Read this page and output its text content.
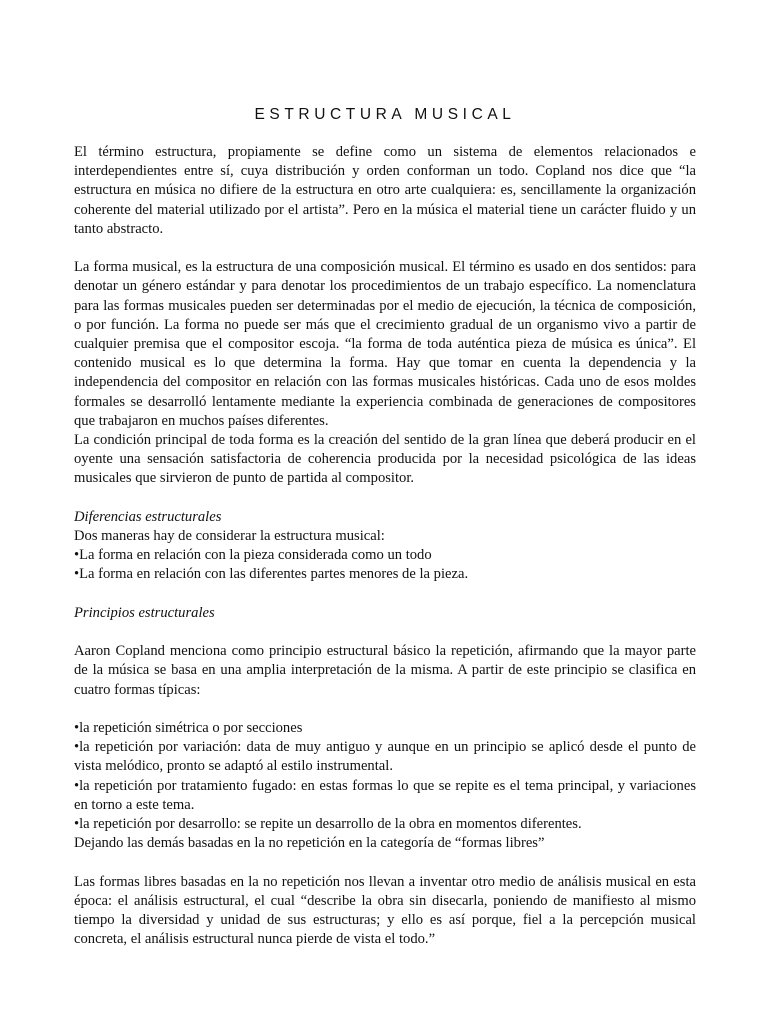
ESTRUCTURA MUSICAL

El término estructura, propiamente se define como un sistema de elementos relacionados e interdependientes entre sí, cuya distribución y orden conforman un todo. Copland nos dice que “la estructura en música no difiere de la estructura en otro arte cualquiera: es, sencillamente la organización coherente del material utilizado por el artista”. Pero en la música el material tiene un carácter fluido y un tanto abstracto.

La forma musical, es la estructura de una composición musical. El término es usado en dos sentidos: para denotar un género estándar y para denotar los procedimientos de un trabajo específico. La nomenclatura para las formas musicales pueden ser determinadas por el medio de ejecución, la técnica de composición, o por función. La forma no puede ser más que el crecimiento gradual de un organismo vivo a partir de cualquier premisa que el compositor escoja. “la forma de toda auténtica pieza de música es única”. El contenido musical es lo que determina la forma. Hay que tomar en cuenta la dependencia y la independencia del compositor en relación con las formas musicales históricas. Cada uno de esos moldes formales se desarrolló lentamente mediante la experiencia combinada de generaciones de compositores que trabajaron en muchos países diferentes.

La condición principal de toda forma es la creación del sentido de la gran línea que deberá producir en el oyente una sensación satisfactoria de coherencia producida por la necesidad psicológica de las ideas musicales que sirvieron de punto de partida al compositor.

Diferencias estructurales

Dos maneras hay de considerar la estructura musical:

•La forma en relación con la pieza considerada como un todo

•La forma en relación con las diferentes partes menores de la pieza.

Principios estructurales

Aaron Copland menciona como principio estructural básico la repetición, afirmando que la mayor parte de la música se basa en una amplia interpretación de la misma. A partir de este principio se clasifica en cuatro formas típicas:

•la repetición simétrica o por secciones

•la repetición por variación: data de muy antiguo y aunque en un principio se aplicó desde el punto de vista melódico, pronto se adaptó al estilo instrumental.

•la repetición por tratamiento fugado: en estas formas lo que se repite es el tema principal, y variaciones en torno a este tema.

•la repetición por desarrollo: se repite un desarrollo de la obra en momentos diferentes.

Dejando las demás basadas en la no repetición en la categoría de “formas libres”

Las formas libres basadas en la no repetición nos llevan a inventar otro medio de análisis musical en esta época: el análisis estructural, el cual “describe la obra sin disecarla, poniendo de manifiesto al mismo tiempo la diversidad y unidad de sus estructuras; y ello es así porque, fiel a la percepción musical concreta, el análisis estructural nunca pierde de vista el todo.”
